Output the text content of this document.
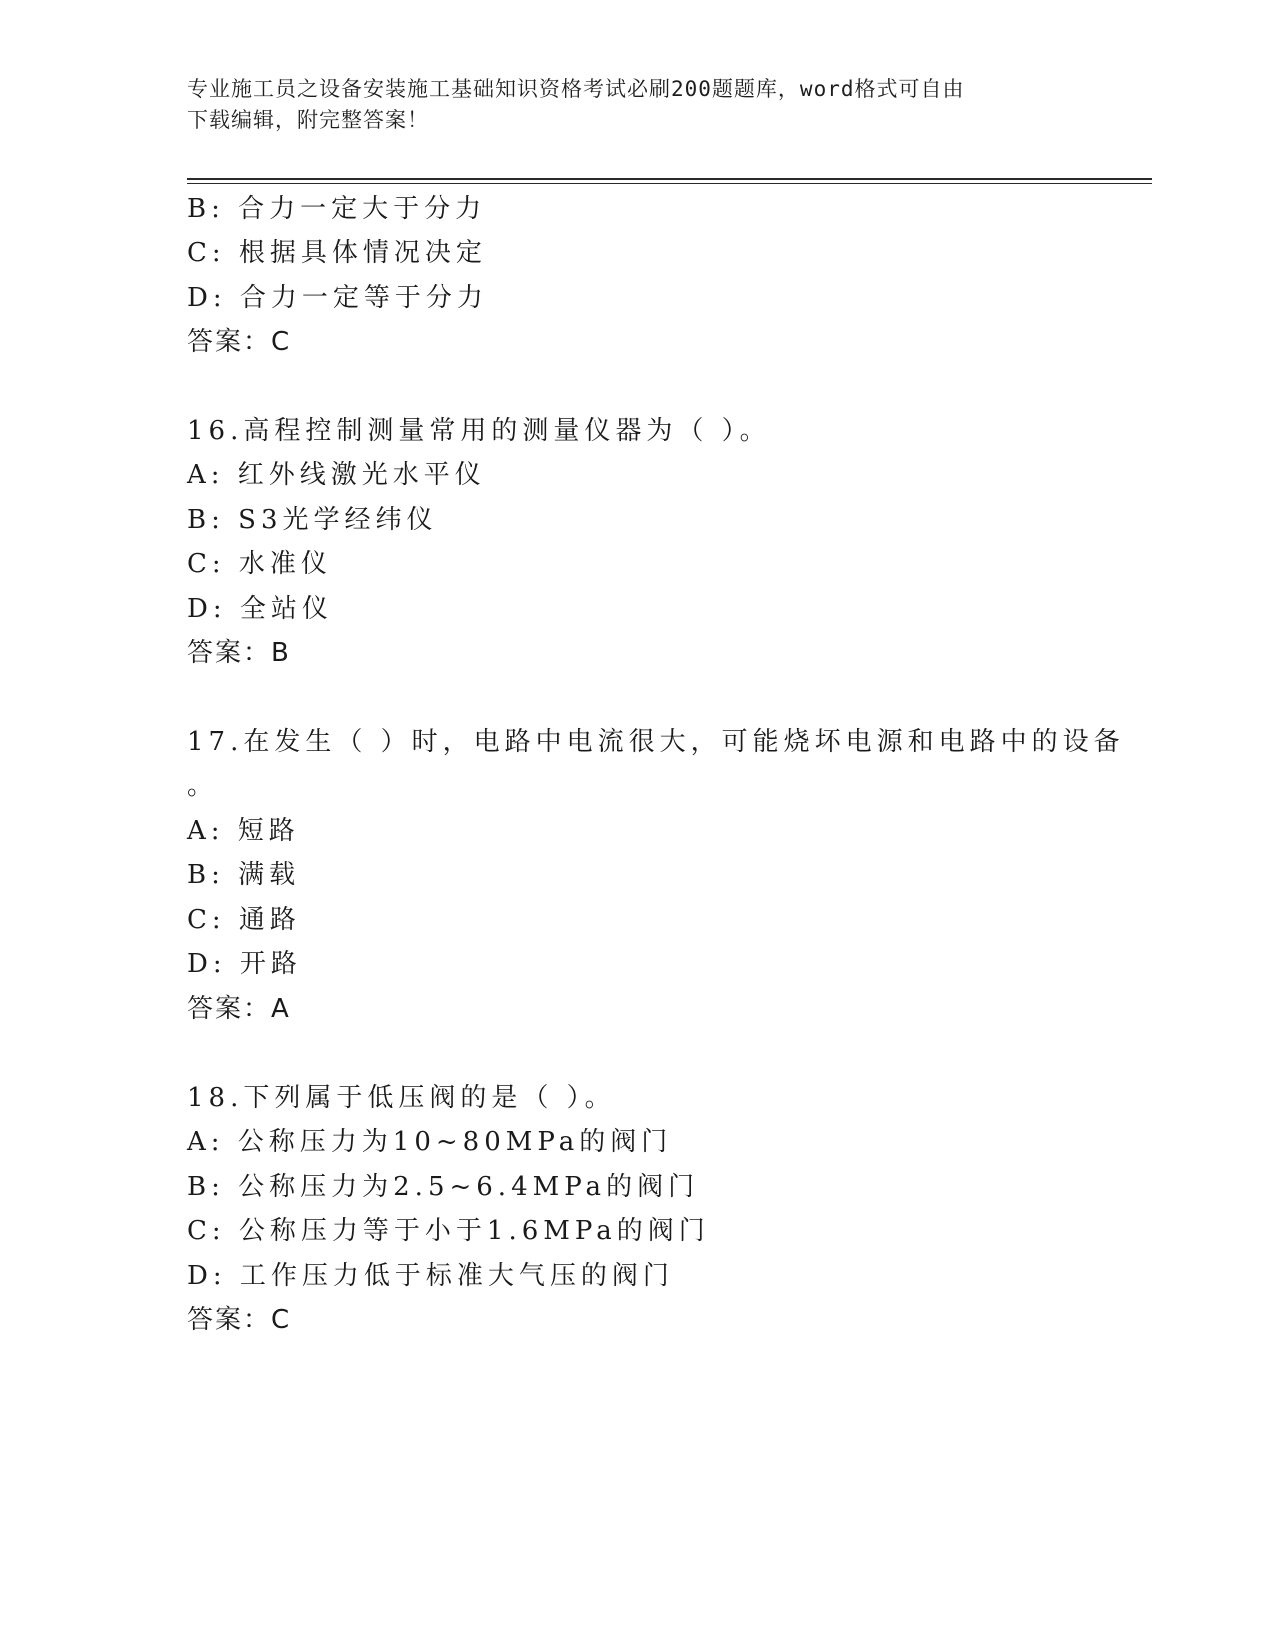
专业施工员之设备安装施工基础知识资格考试必刷200题题库，word格式可自由
下载编辑，附完整答案！
B: 合力一定大于分力
C: 根据具体情况决定
D: 合力一定等于分力
答案：C
16.高程控制测量常用的测量仪器为（ ）。
A: 红外线激光水平仪
B: S3光学经纬仪
C: 水准仪
D: 全站仪
答案：B
17.在发生（ ）时，电路中电流很大，可能烧坏电源和电路中的设备
。
A: 短路
B: 满载
C: 通路
D: 开路
答案：A
18.下列属于低压阀的是（ ）。
A: 公称压力为10~80MPa的阀门
B: 公称压力为2.5~6.4MPa的阀门
C: 公称压力等于小于1.6MPa的阀门
D: 工作压力低于标准大气压的阀门
答案：C
